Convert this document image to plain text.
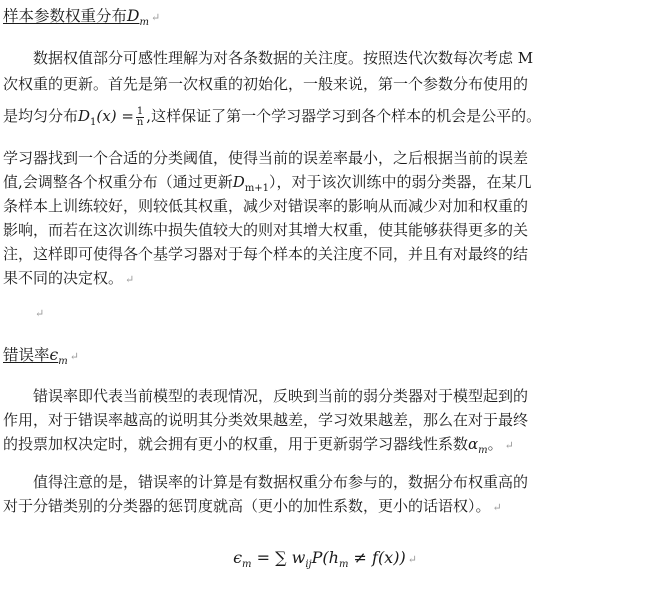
样本参数权重分布$D_m$ ↵
数据权值部分可感性理解为对各条数据的关注度。按照迭代次数每次考虑 M
次权重的更新。首先是第一次权重的初始化，一般来说，第一个参数分布使用的
是均匀分布$D_1(x) = \frac{1}{n}$ ,这样保证了第一个学习器学习到各个样本的机会是公平的。
学习器找到一个合适的分类阈值，使得当前的误差率最小，之后根据当前的误差
值,会调整各个权重分布（通过更新$D_{m+1}$），对于该次训练中的弱分类器，在某几
条样本上训练较好，则较低其权重，减少对错误率的影响从而减少对加和权重的
影响，而若在这次训练中损失值较大的则对其增大权重，使其能够获得更多的关
注，这样即可使得各个基学习器对于每个样本的关注度不同，并且有对最终的结
果不同的决定权。 ↵
↵
错误率$\epsilon_m$ ↵
错误率即代表当前模型的表现情况，反映到当前的弱分类器对于模型起到的
作用，对于错误率越高的说明其分类效果越差，学习效果越差，那么在对于最终
的投票加权决定时，就会拥有更小的权重，用于更新弱学习器线性系数$\alpha_m$。 ↵
值得注意的是，错误率的计算是有数据权重分布参与的，数据分布权重高的
对于分错类别的分类器的惩罚度就高（更小的加性系数，更小的话语权）。 ↵
$\epsilon_m$ = ∑ $w_{ij}P(h_m \ne f(x))$ ↵
